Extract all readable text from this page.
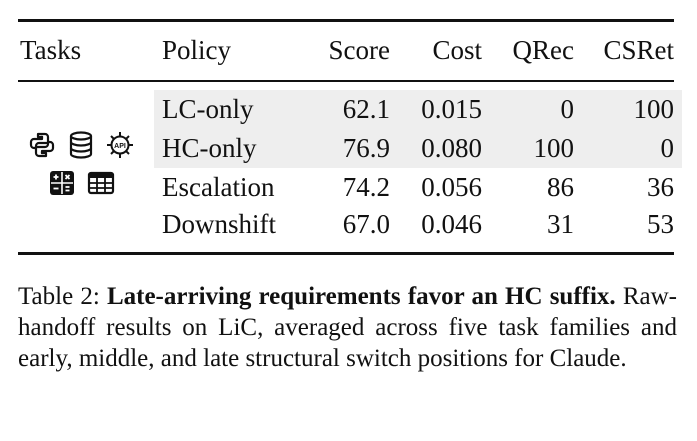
Tasks	Policy	Score	Cost	QRec	CSRet
LC-only	62.1	0.015	0	100
HC-only	76.9	0.080	100	0
Escalation	74.2	0.056	86	36
Downshift	67.0	0.046	31	53
API
Table 2: Late-arriving requirements favor an HC suffix. Raw-handoff results on LiC, averaged across five task families and early, middle, and late structural switch positions for Claude.
